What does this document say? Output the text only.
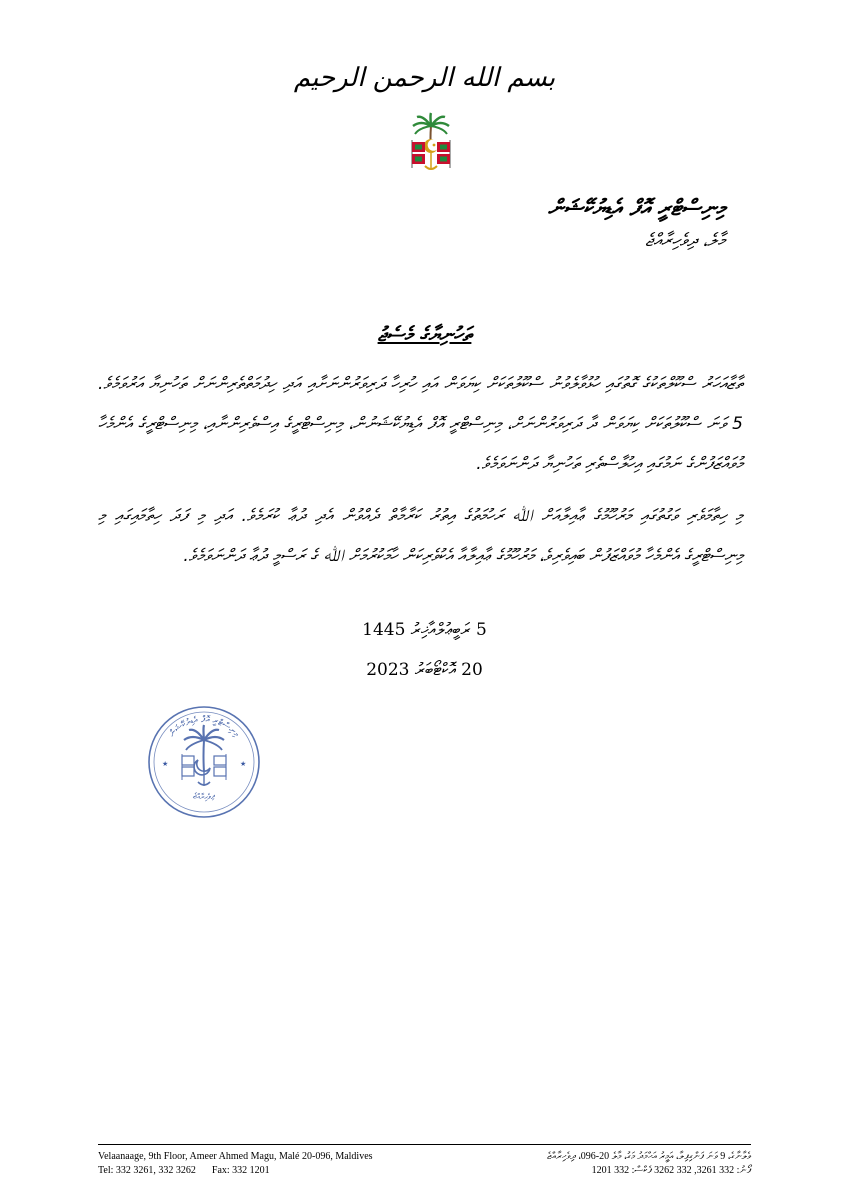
بسم الله الرحمن الرحيم
މިނިސްޓްރީ އޮފް އެޑިޔުކޭޝަން
މާލެ، ދިވެހިރާއްޖެ
ތަހުނިޔާގެ މެސެޖު
ތާޒާއަހަރު ސްކޫލްތަކުގެ ގޮތުގައި ހުޅުވާލެވުނު ސްކޫލުތަކަށް ކިޔަވަން އައި ހުރިހާ ދަރިވަރުންނަށާއި އަދި ހިދުމަތްތެރިންނަށް ތަހުނިޔާ އަރުވަމެވެ. 5 ވަނަ ސްކޫލުތަކަށް ކިޔަވަން ދާ ދަރިވަރުންނަށް، މިނިސްޓްރީ އޮފް އެޑިޔުކޭޝަނުން، މިނިސްޓްރީގެ އިސްވެރިންނާއި، މިނިސްޓްރީގެ އެންމެހާ މުވައްޒަފުންގެ ނަމުގައި އިހުލާސްތެރި ތަހުނިޔާ ދަންނަވަމެވެ.
މި ހިތާމަވެރި ވަގުތުގައި މަރުހޫމުގެ ޢާއިލާއަށް ﷲ ރަހުމަތުގެ އިތުރު ކަރާމާތް ދެއްވުން އެދި ދުޢާ ކުރަމެވެ. އަދި މި ފަދަ ހިތާމައިގައި މި މިނިސްޓްރީގެ އެންމެހާ މުވައްޒަފުން ބައިވެރިވެ، މަރުހޫމުގެ ޢާއިލާއާ އެކުވެރިކަން ހާމަކުރުމަށް ﷲ ގެ ރަސްމީ ދުޢާ ދަންނަވަމެވެ.
5 ރަބީޢުލްއާޚިރު 1445
20 އޮކްޓޯބަރު 2023
މިނިސްޓްރީ އޮފް އެޑިޔުކޭޝަން
ދިވެހިރާއްޖެ
★	★
Velaanaage, 9th Floor, Ameer Ahmed Magu, Malé 20-096, Maldives
Tel: 332 3261, 332 3262 Fax: 332 1201
ވެލާނާގެ، 9 ވަނަ ފަންގިފިލާ، އަމީރު އަޙްމަދު މަގު، މާލެ 20-096، ދިވެހިރާއްޖެ
ފޯނު: 332 3261, 332 3262 ފެކްސް: 332 1201
